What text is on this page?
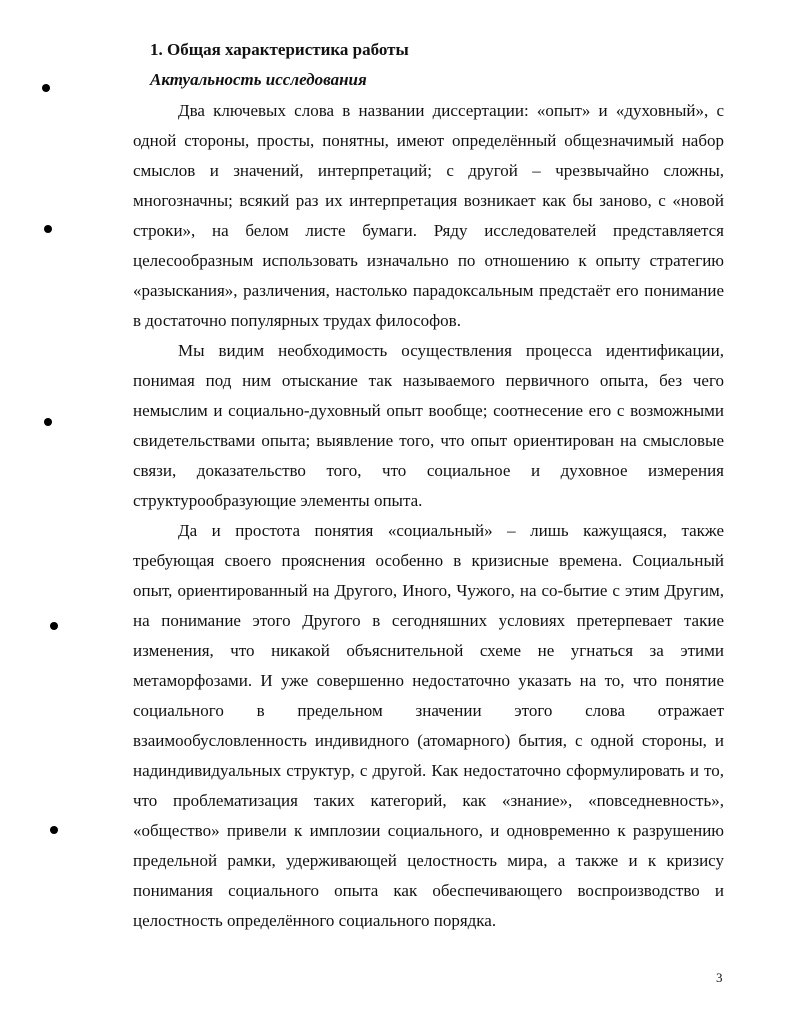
1. Общая характеристика работы
Актуальность исследования

Два ключевых слова в названии диссертации: «опыт» и «духовный», с одной стороны, просты, понятны, имеют определённый общезначимый набор смыслов и значений, интерпретаций; с другой – чрезвычайно сложны, многозначны; всякий раз их интерпретация возникает как бы заново, с «новой строки», на белом листе бумаги. Ряду исследователей представляется целесообразным использовать изначально по отношению к опыту стратегию «разыскания», различения, настолько парадоксальным предстаёт его понимание в достаточно популярных трудах философов.

Мы видим необходимость осуществления процесса идентификации, понимая под ним отыскание так называемого первичного опыта, без чего немыслим и социально-духовный опыт вообще; соотнесение его с возможными свидетельствами опыта; выявление того, что опыт ориентирован на смысловые связи, доказательство того, что социальное и духовное измерения структурообразующие элементы опыта.

Да и простота понятия «социальный» – лишь кажущаяся, также требующая своего прояснения особенно в кризисные времена. Социальный опыт, ориентированный на Другого, Иного, Чужого, на со-бытие с этим Другим, на понимание этого Другого в сегодняшних условиях претерпевает такие изменения, что никакой объяснительной схеме не угнаться за этими метаморфозами. И уже совершенно недостаточно указать на то, что понятие социального в предельном значении этого слова отражает взаимообусловленность индивидного (атомарного) бытия, с одной стороны, и надиндивидуальных структур, с другой. Как недостаточно сформулировать и то, что проблематизация таких категорий, как «знание», «повседневность», «общество» привели к имплозии социального, и одновременно к разрушению предельной рамки, удерживающей целостность мира, а также и к кризису понимания социального опыта как обеспечивающего воспроизводство и целостность определённого социального порядка.

3
